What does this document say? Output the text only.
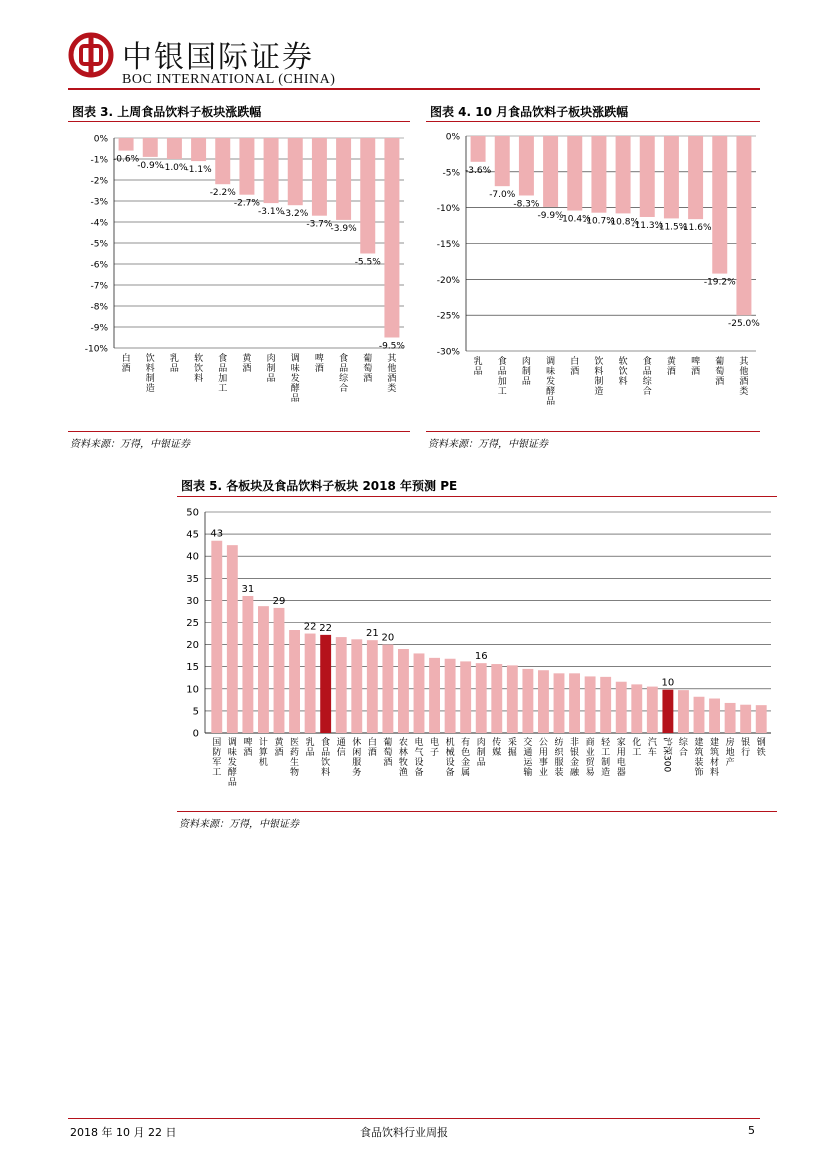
中银国际证券
BOC INTERNATIONAL (CHINA)
图表 3. 上周食品饮料子板块涨跌幅
0%
-1%
-2%
-3%
-4%
-5%
-6%
-7%
-8%
-9%
-10%
-0.6%
白
酒
-0.9%
饮
料
制
造
-1.0%
乳
品
-1.1%
软
饮
料
-2.2%
食
品
加
工
-2.7%
黄
酒
-3.1%
肉
制
品
-3.2%
调
味
发
酵
品
-3.7%
啤
酒
-3.9%
食
品
综
合
-5.5%
葡
萄
酒
-9.5%
其
他
酒
类
资料来源：万得，中银证券
图表 4. 10 月食品饮料子板块涨跌幅
0%
-5%
-10%
-15%
-20%
-25%
-30%
-3.6%
乳
品
-7.0%
食
品
加
工
-8.3%
肉
制
品
-9.9%
调
味
发
酵
品
-10.4%
白
酒
-10.7%
饮
料
制
造
-10.8%
软
饮
料
-11.3%
食
品
综
合
-11.5%
黄
酒
-11.6%
啤
酒
-19.2%
葡
萄
酒
-25.0%
其
他
酒
类
资料来源：万得，中银证券
图表 5. 各板块及食品饮料子板块 2018 年预测 PE
0
5
10
15
20
25
30
35
40
45
50
43
国
防
军
工
调
味
发
酵
品
31
啤
酒
计
算
机
29
黄
酒
医
药
生
物
22
乳
品
22
食
品
饮
料
通
信
休
闲
服
务
21
白
酒
20
葡
萄
酒
农
林
牧
渔
电
气
设
备
电
子
机
械
设
备
有
色
金
属
16
肉
制
品
传
媒
采
掘
交
通
运
输
公
用
事
业
纺
织
服
装
非
银
金
融
商
业
贸
易
轻
工
制
造
家
用
电
器
化
工
汽
车
10
沪深300 综
合
建
筑
装
饰
建
筑
材
料
房
地
产
银
行
钢
铁
资料来源：万得，中银证券
2018 年 10 月 22 日	食品饮料行业周报	5
